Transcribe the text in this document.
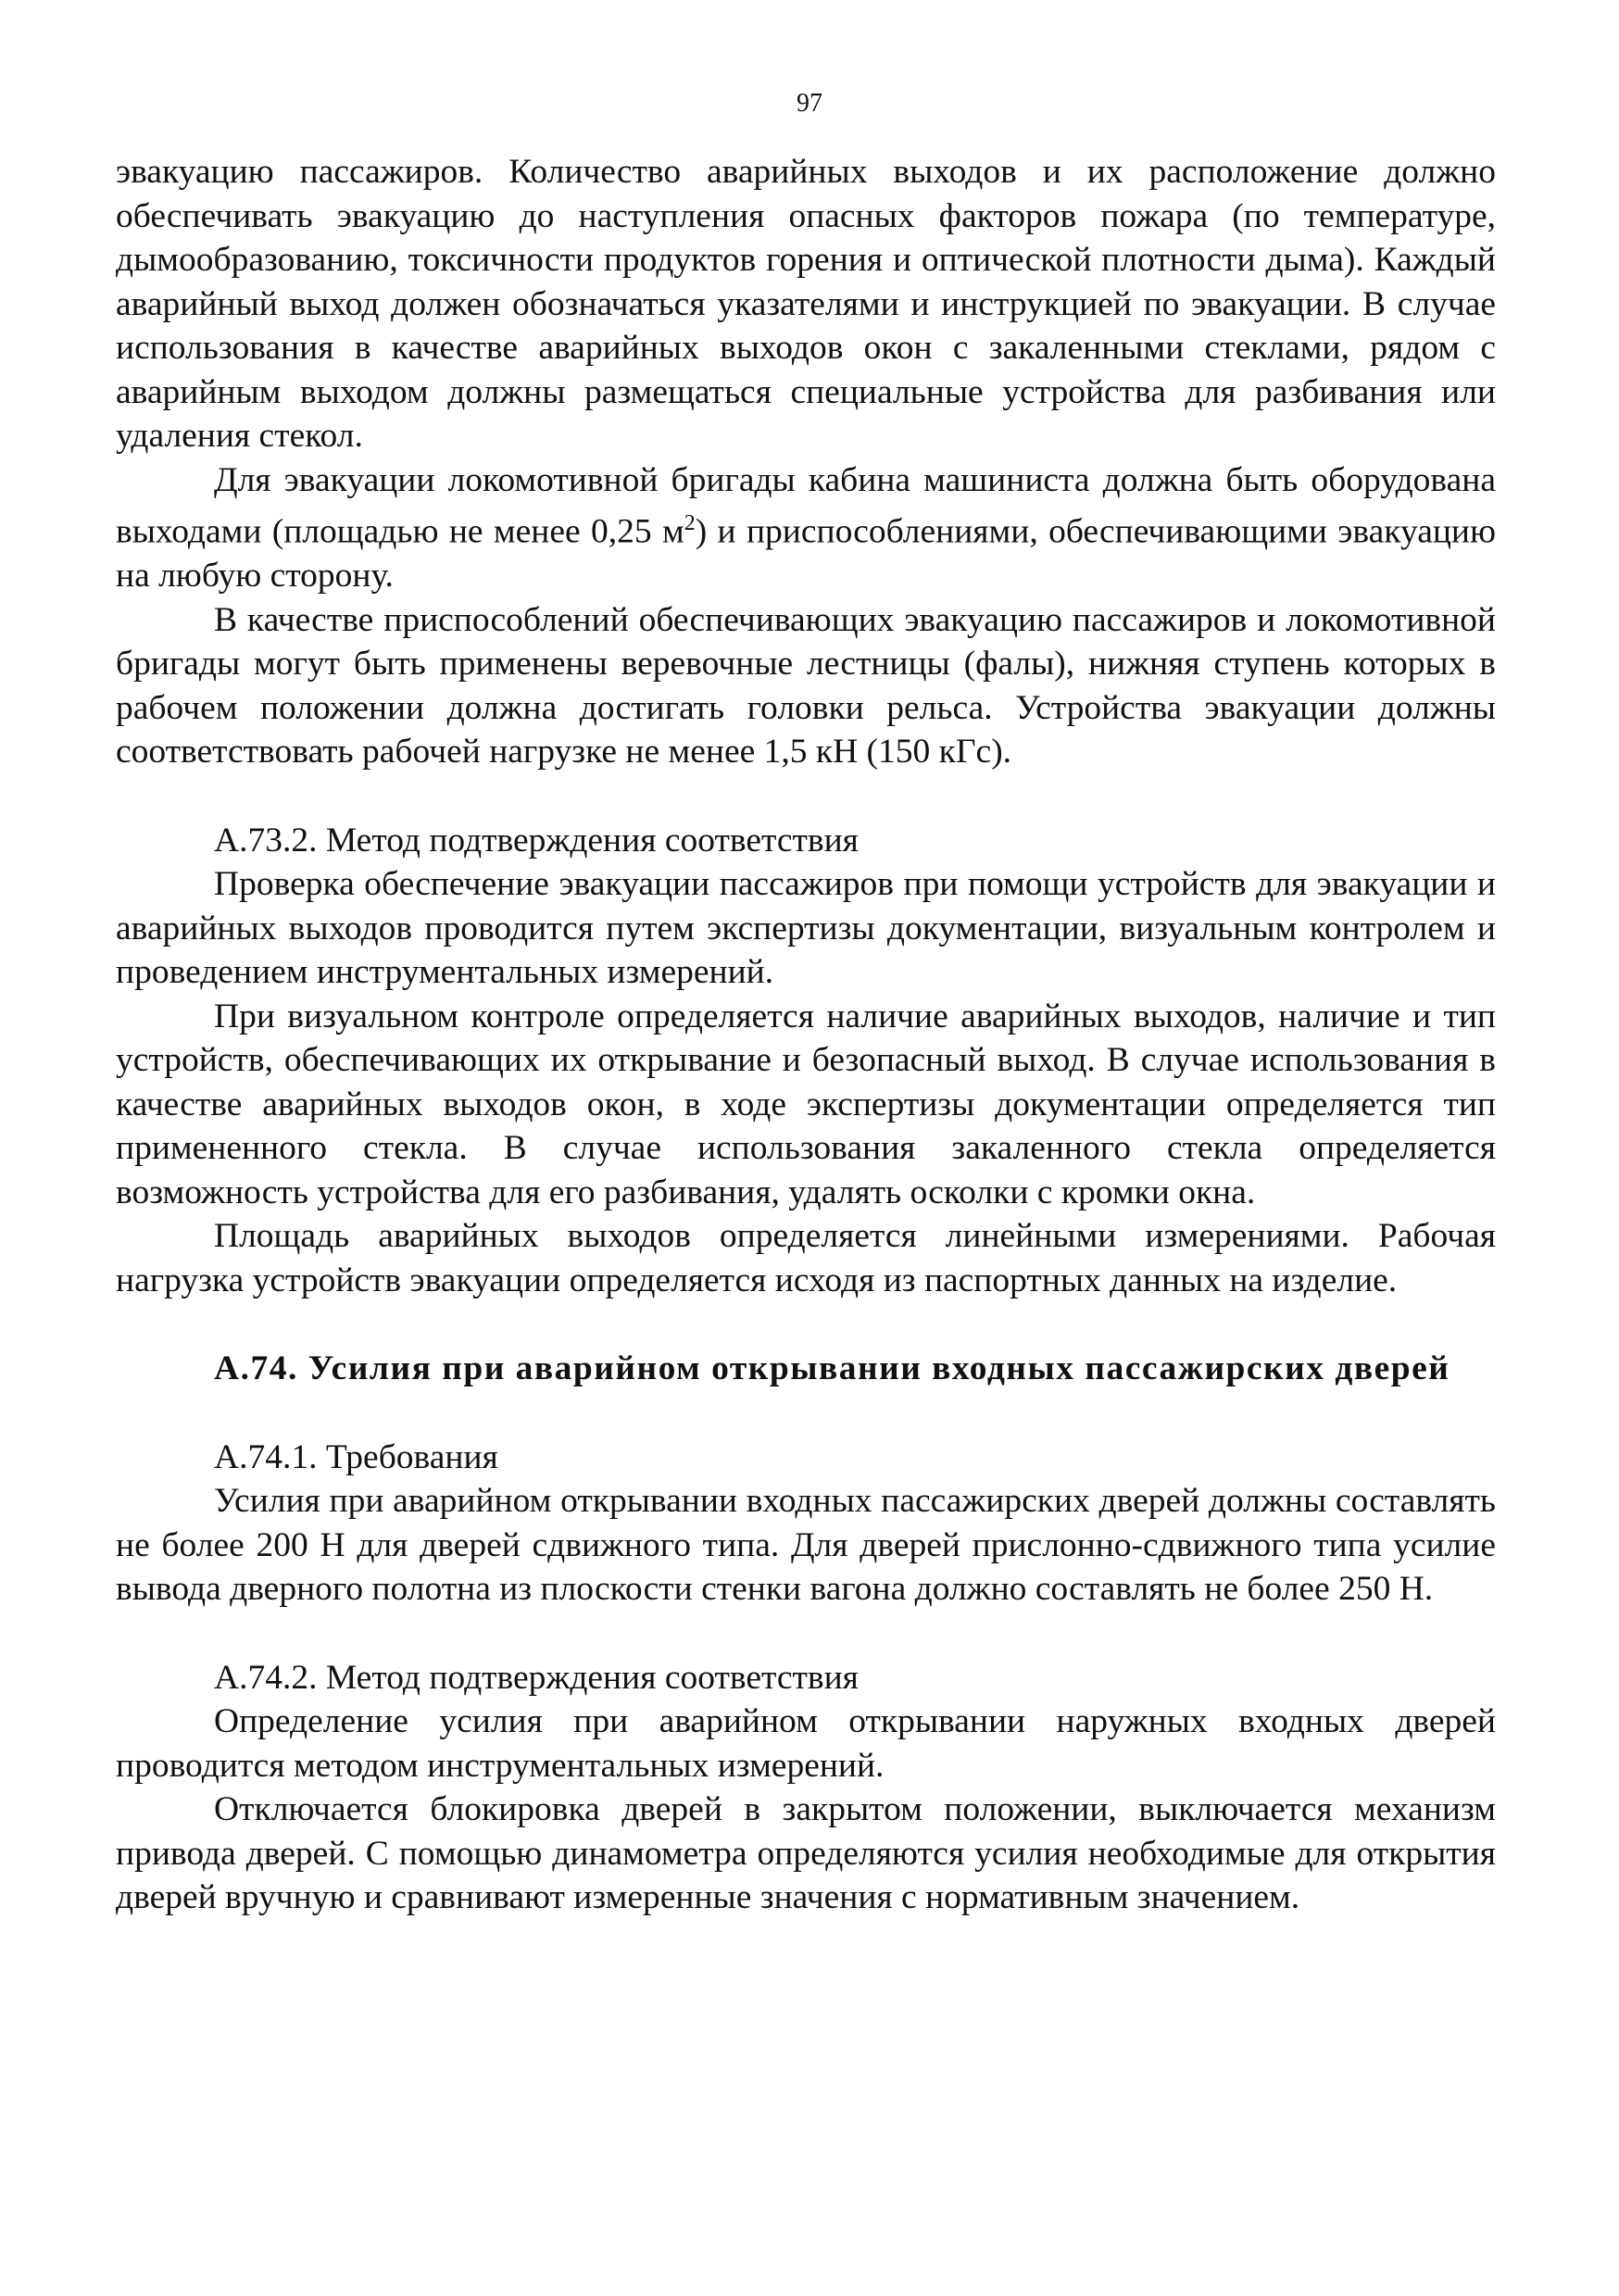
97

эвакуацию пассажиров. Количество аварийных выходов и их расположение должно обеспечивать эвакуацию до наступления опасных факторов пожара (по температуре, дымообразованию, токсичности продуктов горения и оптической плотности дыма). Каждый аварийный выход должен обозначаться указателями и инструкцией по эвакуации. В случае использования в качестве аварийных выходов окон с закаленными стеклами, рядом с аварийным выходом должны размещаться специальные устройства для разбивания или удаления стекол.

Для эвакуации локомотивной бригады кабина машиниста должна быть оборудована выходами (площадью не менее 0,25 $м^2$) и приспособлениями, обеспечивающими эвакуацию на любую сторону.

В качестве приспособлений обеспечивающих эвакуацию пассажиров и локомотивной бригады могут быть применены веревочные лестницы (фалы), нижняя ступень которых в рабочем положении должна достигать головки рельса. Устройства эвакуации должны соответствовать рабочей нагрузке не менее 1,5 кН (150 кГс).

А.73.2. Метод подтверждения соответствия

Проверка обеспечение эвакуации пассажиров при помощи устройств для эвакуации и аварийных выходов проводится путем экспертизы документации, визуальным контролем и проведением инструментальных измерений.

При визуальном контроле определяется наличие аварийных выходов, наличие и тип устройств, обеспечивающих их открывание и безопасный выход. В случае использования в качестве аварийных выходов окон, в ходе экспертизы документации определяется тип примененного стекла. В случае использования закаленного стекла определяется возможность устройства для его разбивания, удалять осколки с кромки окна.

Площадь аварийных выходов определяется линейными измерениями. Рабочая нагрузка устройств эвакуации определяется исходя из паспортных данных на изделие.

А.74. Усилия при аварийном открывании входных пассажирских дверей

А.74.1. Требования

Усилия при аварийном открывании входных пассажирских дверей должны составлять не более 200 Н для дверей сдвижного типа. Для дверей прислонно-сдвижного типа усилие вывода дверного полотна из плоскости стенки вагона должно составлять не более 250 Н.

А.74.2. Метод подтверждения соответствия

Определение усилия при аварийном открывании наружных входных дверей проводится методом инструментальных измерений.

Отключается блокировка дверей в закрытом положении, выключается механизм привода дверей. С помощью динамометра определяются усилия необходимые для открытия дверей вручную и сравнивают измеренные значения с нормативным значением.
